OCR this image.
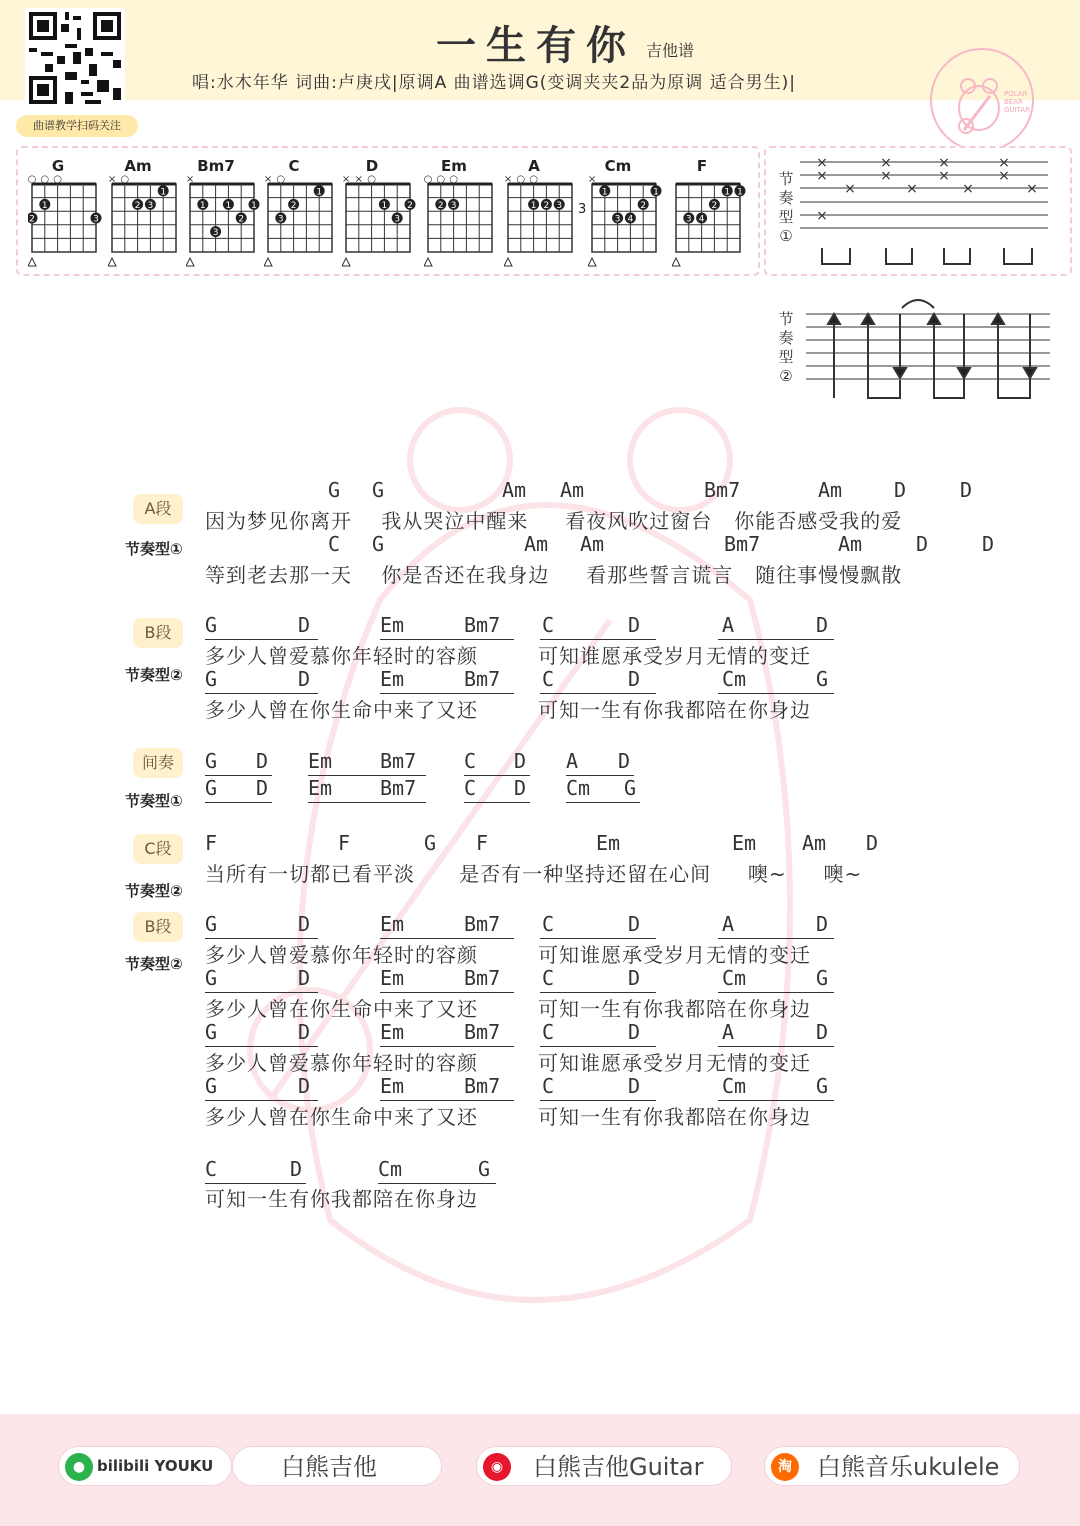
曲谱教学扫码关注
一生有你 吉他谱
唱:水木年华 词曲:卢庚戌|原调A 曲谱选调G(变调夹夹2品为原调 适合男生)|
POLAR BEAR GUITAR
G
○ ○ ○
1
2	3
Am
× ○
1
2 3
Bm7
×
1 1 1
3
2
C
× ○
1
2
3
D
× × ○
1 2
3
Em
○ ○ ○
2 3
A
× ○ ○
1 2 3
Cm
×
1	1
2
3 4
3
F
1 1
2
3 4
节
奏
型
①
×
×
×
×
×
×
×
×
×
×
×
×
×
节
奏
型
②
A段
节奏型①
G G	Am Am	Bm7	Am	D	D
C G	Am Am	Bm7	Am	D	D
因为梦见你离开    我从哭泣中醒来     看夜风吹过窗台   你能否感受我的爱
等到老去那一天    你是否还在我身边     看那些誓言谎言   随往事慢慢飘散
B段
节奏型②
G	D	Em	Bm7 C	D	A	D
多少人曾爱慕你年轻时的容颜	可知谁愿承受岁月无情的变迁
G	D	Em	Bm7 C	D	Cm	G
多少人曾在你生命中来了又还	可知一生有你我都陪在你身边
间奏
节奏型①
G D Em Bm7 C D A D
G D Em Bm7 C D Cm G
C段
节奏型②
F	F	G F	Em	Em Am D
当所有一切都已看平淡      是否有一种坚持还留在心间     噢~     噢~
B段
节奏型②
G	D	Em	Bm7 C	D	A	D
多少人曾爱慕你年轻时的容颜	可知谁愿承受岁月无情的变迁
G	D	Em	Bm7 C	D	Cm	G
多少人曾在你生命中来了又还	可知一生有你我都陪在你身边
G	D	Em	Bm7 C	D	A	D
多少人曾爱慕你年轻时的容颜	可知谁愿承受岁月无情的变迁
G	D	Em	Bm7 C	D	Cm	G
多少人曾在你生命中来了又还	可知一生有你我都陪在你身边
C	D	Cm	G
可知一生有你我都陪在你身边
● bilibili YOUKU	白熊吉他	◉	白熊吉他Guitar	淘 白熊音乐ukulele
